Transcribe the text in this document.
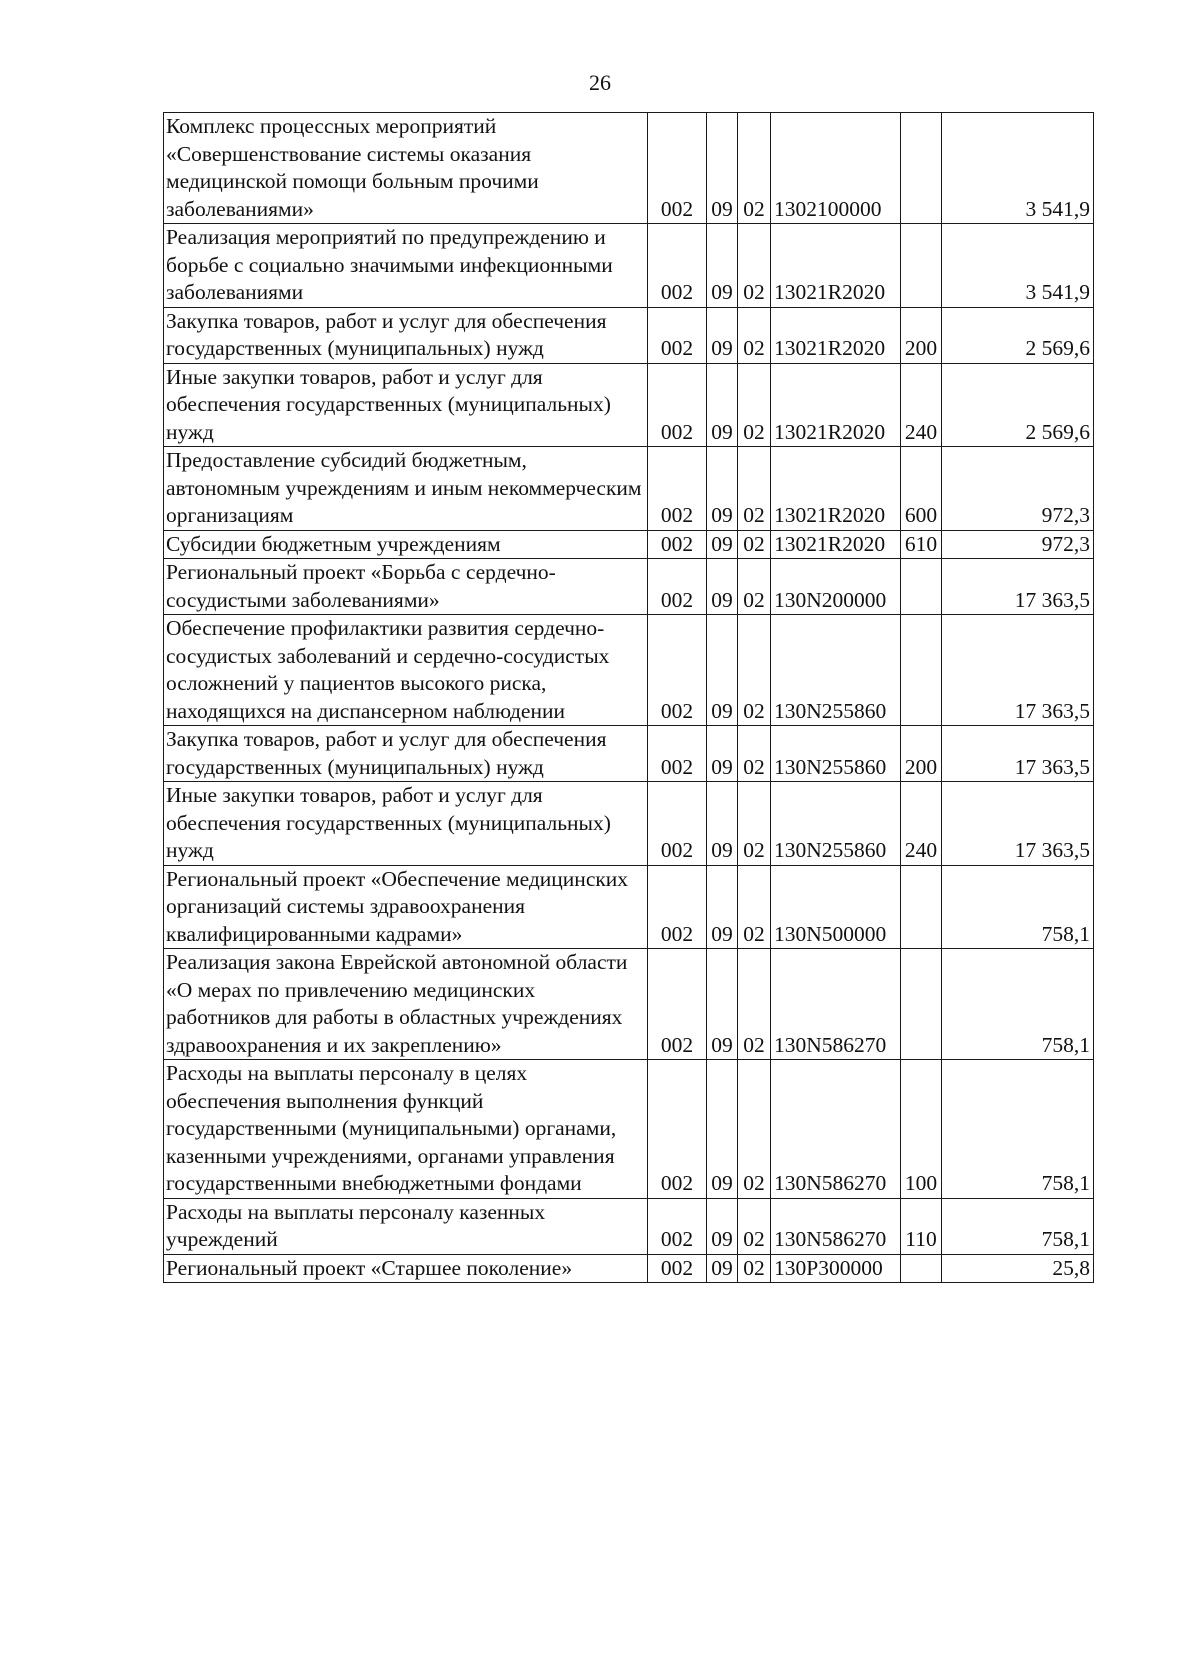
26
Комплекс процессных мероприятий «Совершенствование системы оказания медицинской помощи больным прочими заболеваниями»	002	09	02	1302100000		3 541,9
Реализация мероприятий по предупреждению и борьбе с социально значимыми инфекционными заболеваниями	002	09	02	13021R2020		3 541,9
Закупка товаров, работ и услуг для обеспечения государственных (муниципальных) нужд	002	09	02	13021R2020	200	2 569,6
Иные закупки товаров, работ и услуг для обеспечения государственных (муниципальных) нужд	002	09	02	13021R2020	240	2 569,6
Предоставление субсидий бюджетным, автономным учреждениям и иным некоммерческим организациям	002	09	02	13021R2020	600	972,3
Субсидии бюджетным учреждениям	002	09	02	13021R2020	610	972,3
Региональный проект «Борьба с сердечно-сосудистыми заболеваниями»	002	09	02	130N200000		17 363,5
Обеспечение профилактики развития сердечно-сосудистых заболеваний и сердечно-сосудистых осложнений у пациентов высокого риска, находящихся на диспансерном наблюдении	002	09	02	130N255860		17 363,5
Закупка товаров, работ и услуг для обеспечения государственных (муниципальных) нужд	002	09	02	130N255860	200	17 363,5
Иные закупки товаров, работ и услуг для обеспечения государственных (муниципальных) нужд	002	09	02	130N255860	240	17 363,5
Региональный проект «Обеспечение медицинских организаций системы здравоохранения квалифицированными кадрами»	002	09	02	130N500000		758,1
Реализация закона Еврейской автономной области «О мерах по привлечению медицинских работников для работы в областных учреждениях здравоохранения и их закреплению»	002	09	02	130N586270		758,1
Расходы на выплаты персоналу в целях обеспечения выполнения функций государственными (муниципальными) органами, казенными учреждениями, органами управления государственными внебюджетными фондами	002	09	02	130N586270	100	758,1
Расходы на выплаты персоналу казенных учреждений	002	09	02	130N586270	110	758,1
Региональный проект «Старшее поколение»	002	09	02	130P300000		25,8
